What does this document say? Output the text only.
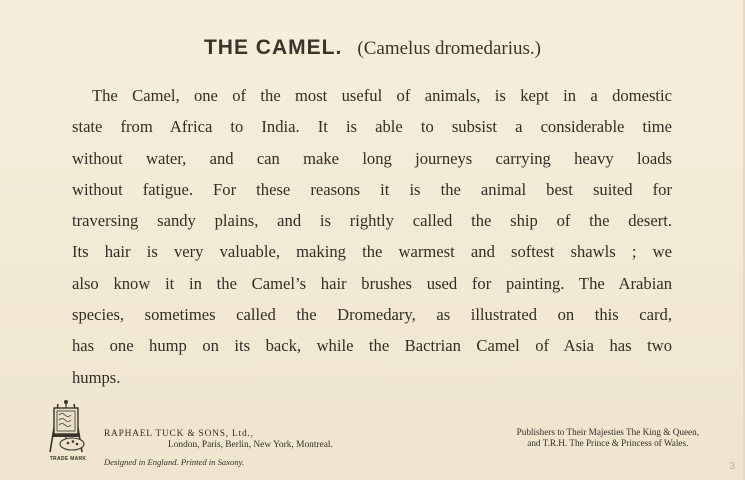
THE CAMEL. (Camelus dromedarius.)
The Camel, one of the most useful of animals, is kept in a domestic
state from Africa to India. It is able to subsist a considerable time
without water, and can make long journeys carrying heavy loads
without fatigue. For these reasons it is the animal best suited for
traversing sandy plains, and is rightly called the ship of the desert.
Its hair is very valuable, making the warmest and softest shawls ; we
also know it in the Camel’s hair brushes used for painting. The Arabian
species, sometimes called the Dromedary, as illustrated on this card,
has one hump on its back, while the Bactrian Camel of Asia has two
humps.
TRADE MARK
RAPHAEL TUCK & SONS, Ltd.,
London, Paris, Berlin, New York, Montreal.
Designed in England. Printed in Saxony.
Publishers to Their Majesties The King & Queen,
and T.R.H. The Prince & Princess of Wales.
3
